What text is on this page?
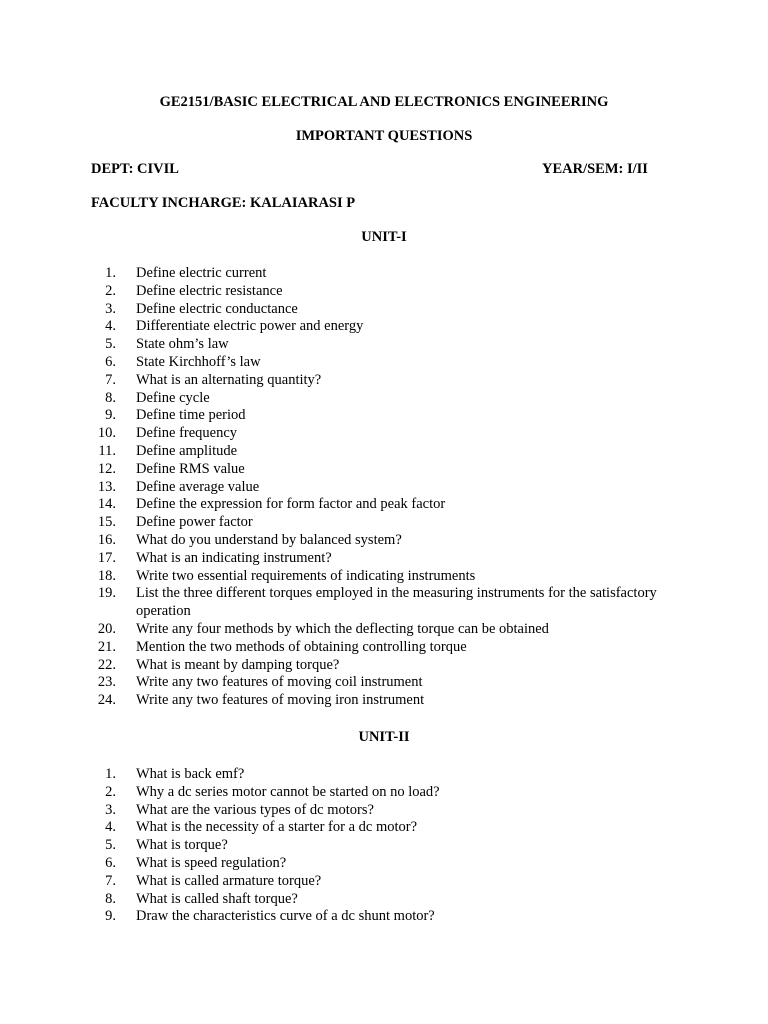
GE2151/BASIC ELECTRICAL AND ELECTRONICS ENGINEERING
IMPORTANT QUESTIONS
DEPT: CIVIL	YEAR/SEM: I/II
FACULTY INCHARGE: KALAIARASI P
UNIT-I
1. Define electric current
2. Define electric resistance
3. Define electric conductance
4. Differentiate electric power and energy
5. State ohm’s law
6. State Kirchhoff’s law
7. What is an alternating quantity?
8. Define cycle
9. Define time period
10. Define frequency
11. Define amplitude
12. Define RMS value
13. Define average value
14. Define the expression for form factor and peak factor
15. Define power factor
16. What do you understand by balanced system?
17. What is an indicating instrument?
18. Write two essential requirements of indicating instruments
19. List the three different torques employed in the measuring instruments for the satisfactory
operation
20. Write any four methods by which the deflecting torque can be obtained
21. Mention the two methods of obtaining controlling torque
22. What is meant by damping torque?
23. Write any two features of moving coil instrument
24. Write any two features of moving iron instrument
UNIT-II
1. What is back emf?
2. Why a dc series motor cannot be started on no load?
3. What are the various types of dc motors?
4. What is the necessity of a starter for a dc motor?
5. What is torque?
6. What is speed regulation?
7. What is called armature torque?
8. What is called shaft torque?
9. Draw the characteristics curve of a dc shunt motor?
